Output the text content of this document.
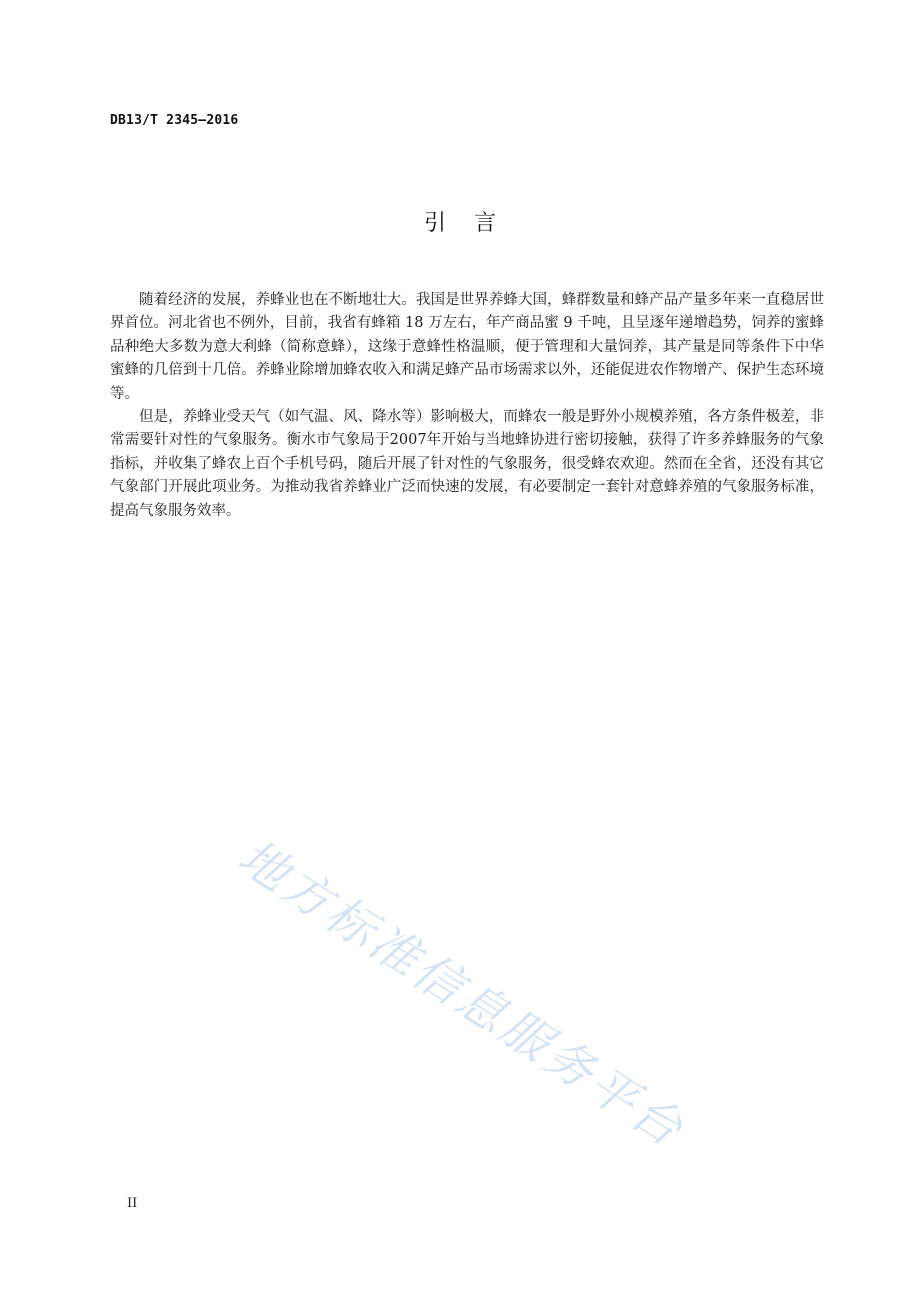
DB13/T 2345—2016
引言

随着经济的发展，养蜂业也在不断地壮大。我国是世界养蜂大国，蜂群数量和蜂产品产量多年来一直稳居世界首位。河北省也不例外，目前，我省有蜂箱 18 万左右，年产商品蜜 9 千吨，且呈逐年递增趋势，饲养的蜜蜂品种绝大多数为意大利蜂（简称意蜂），这缘于意蜂性格温顺，便于管理和大量饲养，其产量是同等条件下中华蜜蜂的几倍到十几倍。养蜂业除增加蜂农收入和满足蜂产品市场需求以外，还能促进农作物增产、保护生态环境等。

但是，养蜂业受天气（如气温、风、降水等）影响极大，而蜂农一般是野外小规模养殖，各方条件极差，非常需要针对性的气象服务。衡水市气象局于2007年开始与当地蜂协进行密切接触，获得了许多养蜂服务的气象指标，并收集了蜂农上百个手机号码，随后开展了针对性的气象服务，很受蜂农欢迎。然而在全省，还没有其它气象部门开展此项业务。为推动我省养蜂业广泛而快速的发展，有必要制定一套针对意蜂养殖的气象服务标准，提高气象服务效率。

地方标准信息服务平台
II
